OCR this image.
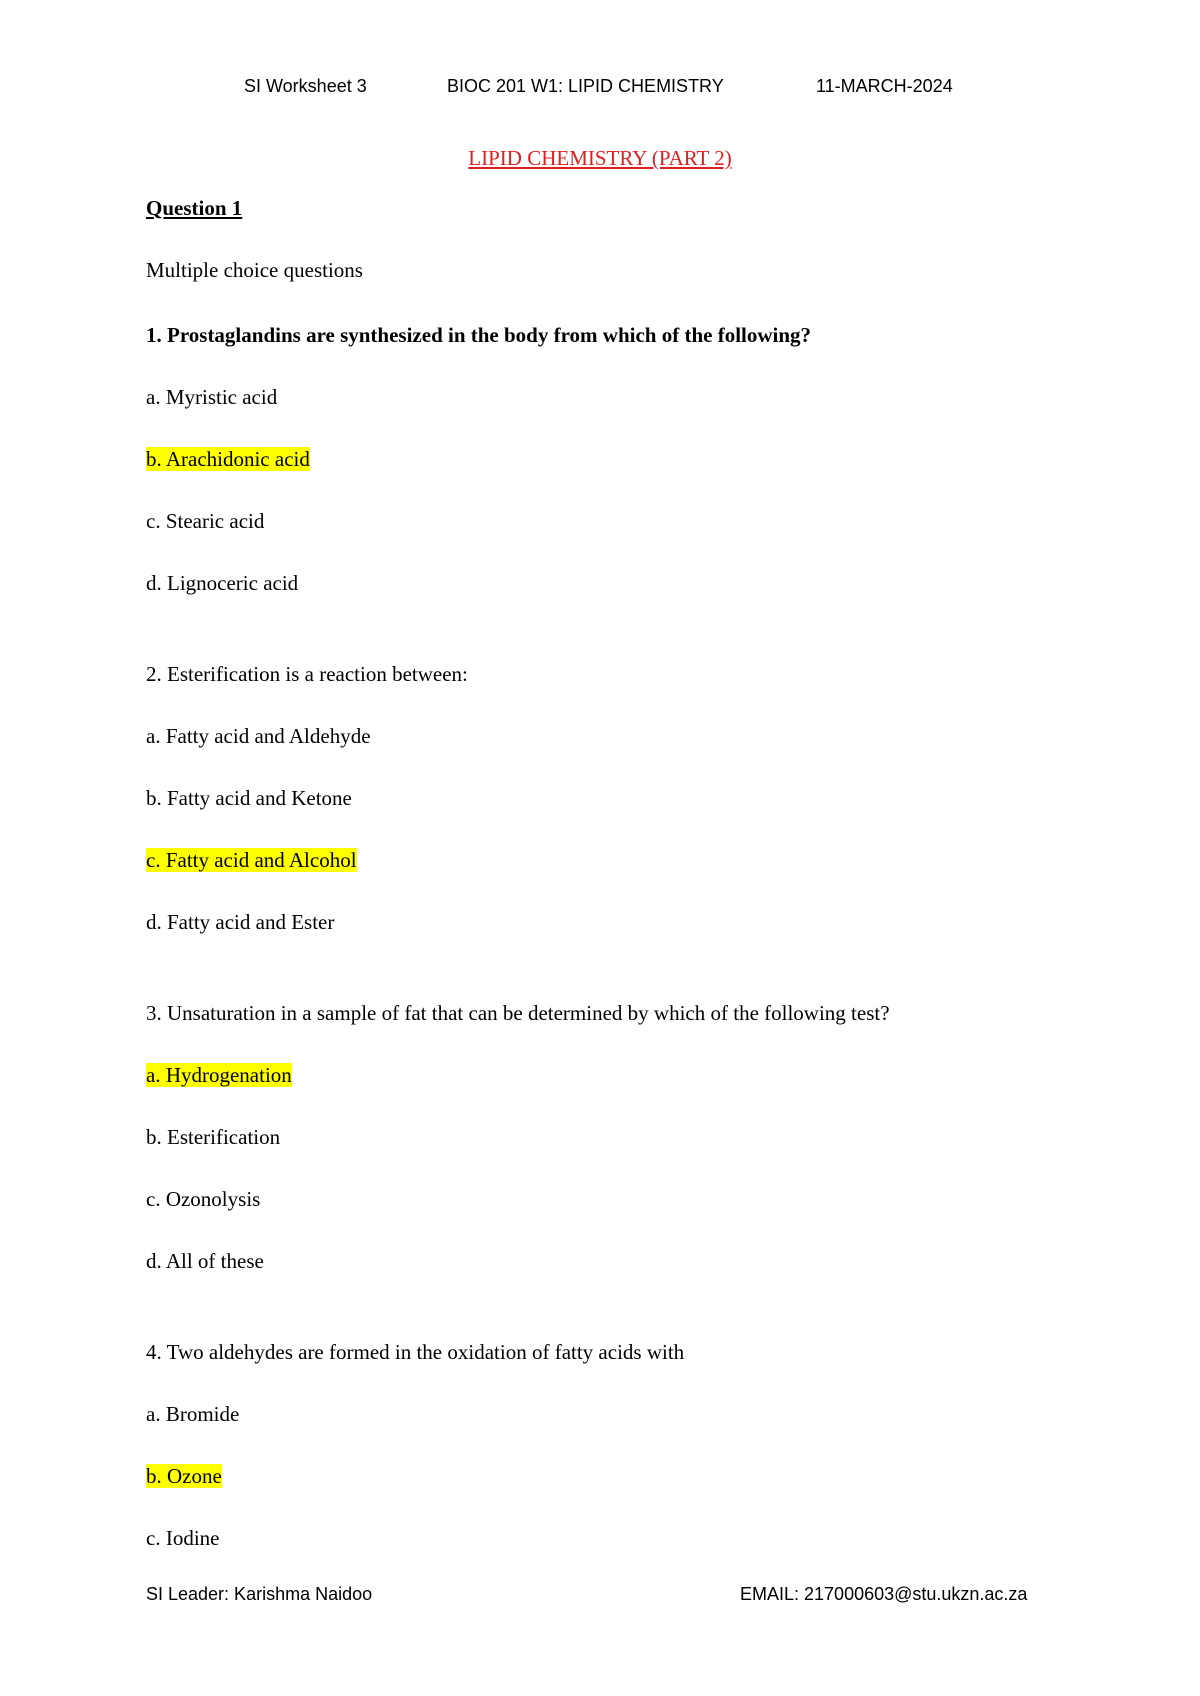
SI Worksheet 3	BIOC 201 W1: LIPID CHEMISTRY	11-MARCH-2024
LIPID CHEMISTRY (PART 2)
Question 1
Multiple choice questions
1. Prostaglandins are synthesized in the body from which of the following?
a. Myristic acid
b. Arachidonic acid
c. Stearic acid
d. Lignoceric acid
2. Esterification is a reaction between:
a. Fatty acid and Aldehyde
b. Fatty acid and Ketone
c. Fatty acid and Alcohol
d. Fatty acid and Ester
3. Unsaturation in a sample of fat that can be determined by which of the following test?
a. Hydrogenation
b. Esterification
c. Ozonolysis
d. All of these
4. Two aldehydes are formed in the oxidation of fatty acids with
a. Bromide
b. Ozone
c. Iodine
SI Leader: Karishma Naidoo	EMAIL: 217000603@stu.ukzn.ac.za
